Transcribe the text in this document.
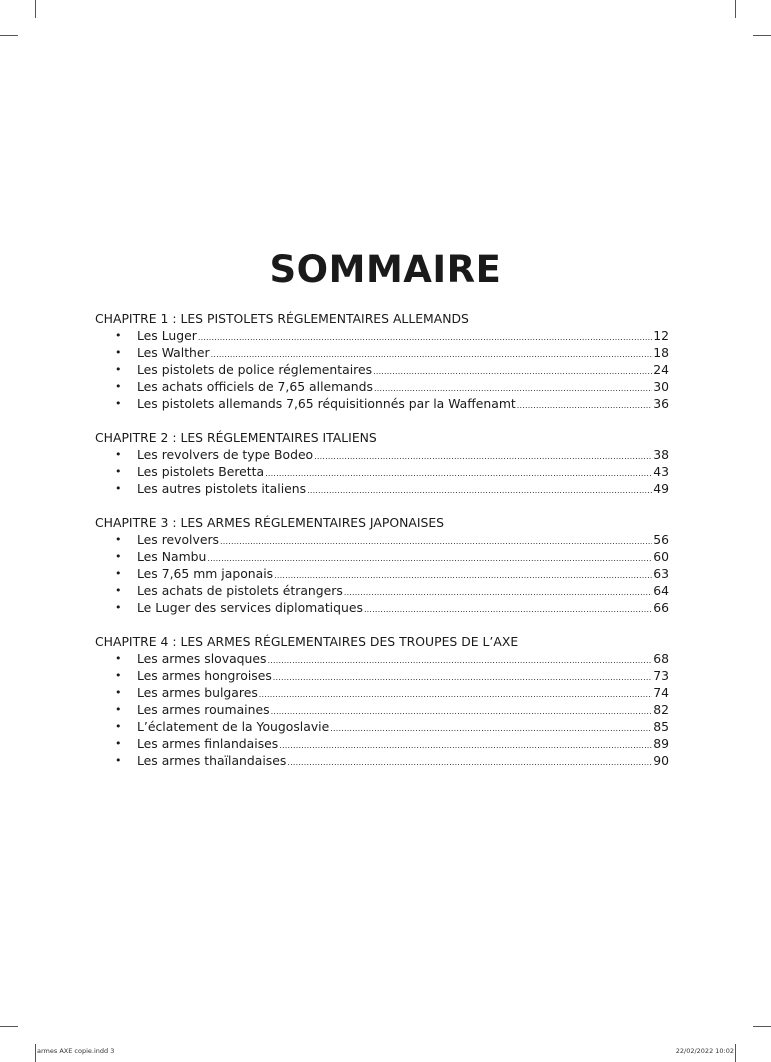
SOMMAIRE
CHAPITRE 1 : LES PISTOLETS RÉGLEMENTAIRES ALLEMANDS
• Les Luger .....	12
• Les Walther .....	18
• Les pistolets de police réglementaires .....	24
• Les achats officiels de 7,65 allemands .....	30
• Les pistolets allemands 7,65 réquisitionnés par la Waffenamt .....	36
CHAPITRE 2 : LES RÉGLEMENTAIRES ITALIENS
• Les revolvers de type Bodeo .....	38
• Les pistolets Beretta .....	43
• Les autres pistolets italiens .....	49
CHAPITRE 3 : LES ARMES RÉGLEMENTAIRES JAPONAISES
• Les revolvers .....	56
• Les Nambu .....	60
• Les 7,65 mm japonais .....	63
• Les achats de pistolets étrangers .....	64
• Le Luger des services diplomatiques .....	66
CHAPITRE 4 : LES ARMES RÉGLEMENTAIRES DES TROUPES DE L’AXE
• Les armes slovaques .....	68
• Les armes hongroises .....	73
• Les armes bulgares .....	74
• Les armes roumaines .....	82
• L’éclatement de la Yougoslavie .....	85
• Les armes finlandaises .....	89
• Les armes thaïlandaises .....	90
armes AXE copie.indd 3	22/02/2022 10:02
